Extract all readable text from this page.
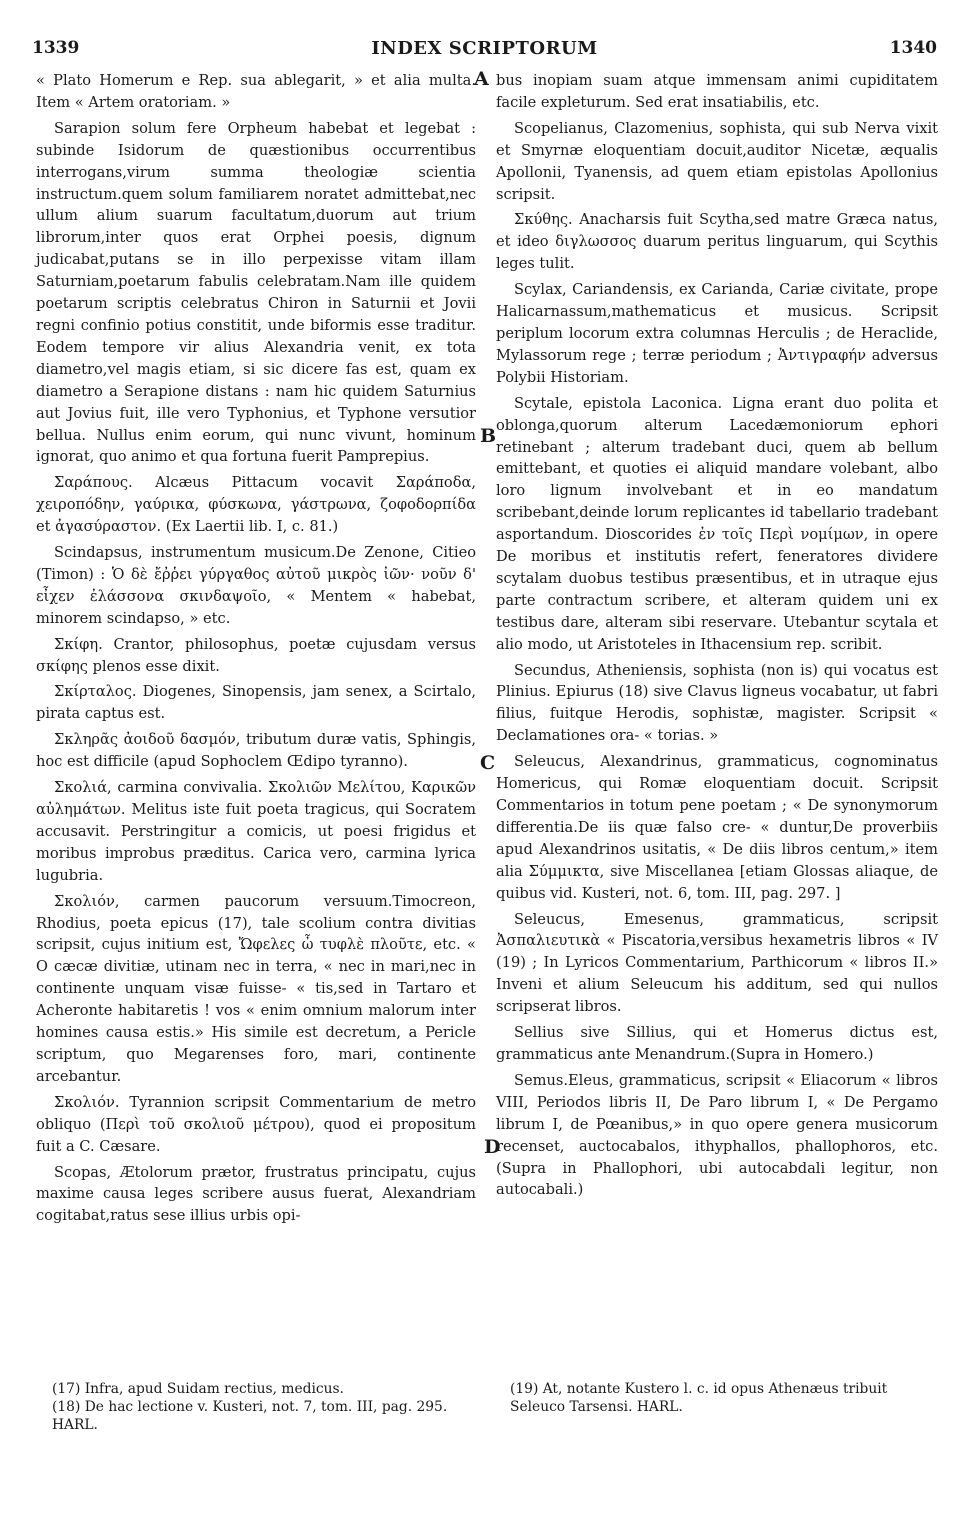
1339	INDEX SCRIPTORUM	1340
A
B
C
D

« Plato Homerum e Rep. sua ablegarit, » et alia multa. Item « Artem oratoriam. »

Sarapion solum fere Orpheum habebat et legebat : subinde Isidorum de quæstionibus occurrentibus interrogans,virum summa theologiæ scientia instructum.quem solum familiarem noratet admittebat,nec ullum alium suarum facultatum,duorum aut trium librorum,inter quos erat Orphei poesis, dignum judicabat,putans se in illo perpexisse vitam illam Saturniam,poetarum fabulis celebratam.Nam ille quidem poetarum scriptis celebratus Chiron in Saturnii et Jovii regni confinio potius constitit, unde biformis esse traditur. Eodem tempore vir alius Alexandria venit, ex tota diametro,vel magis etiam, si sic dicere fas est, quam ex diametro a Serapione distans : nam hic quidem Saturnius aut Jovius fuit, ille vero Typhonius, et Typhone versutior bellua. Nullus enim eorum, qui nunc vivunt, hominum ignorat, quo animo et qua fortuna fuerit Pamprepius.

Σαράπους. Alcæus Pittacum vocavit Σαράποδα, χειροπόδην, γαύρικα, φύσκωνα, γάστρωνα, ζοφοδορπίδα et ἀγασύραστον. (Ex Laertii lib. I, c. 81.)

Scindapsus, instrumentum musicum.De Zenone, Citieo (Timon) : Ὁ δὲ ἔῤῥει γύργαθος αὐτοῦ μικρὸς ἰῶν· νοῦν δ' εἶχεν ἐλάσσονα σκινδαψοῖο, « Mentem « habebat, minorem scindapso, » etc.

Σκίφη. Crantor, philosophus, poetæ cujusdam versus σκίφης plenos esse dixit.

Σκίρταλος. Diogenes, Sinopensis, jam senex, a Scirtalo, pirata captus est.

Σκληρᾶς ἀοιδοῦ δασμόν, tributum duræ vatis, Sphingis, hoc est difficile (apud Sophoclem Œdipo tyranno).

Σκολιά, carmina convivalia. Σκολιῶν Μελίτου, Καρικῶν αὐλημάτων. Melitus iste fuit poeta tragicus, qui Socratem accusavit. Perstringitur a comicis, ut poesi frigidus et moribus improbus præditus. Carica vero, carmina lyrica lugubria.

Σκολιόν, carmen paucorum versuum.Timocreon, Rhodius, poeta epicus (17), tale scolium contra divitias scripsit, cujus initium est, Ὤφελες ὦ τυφλὲ πλοῦτε, etc. « O cæcæ divitiæ, utinam nec in terra, « nec in mari,nec in continente unquam visæ fuisse- « tis,sed in Tartaro et Acheronte habitaretis ! vos « enim omnium malorum inter homines causa estis.» His simile est decretum, a Pericle scriptum, quo Megarenses foro, mari, continente arcebantur.

Σκολιόν. Tyrannion scripsit Commentarium de metro obliquo (Περὶ τοῦ σκολιοῦ μέτρου), quod ei propositum fuit a C. Cæsare.

Scopas, Ætolorum prætor, frustratus principatu, cujus maxime causa leges scribere ausus fuerat, Alexandriam cogitabat,ratus sese illius urbis opi-

bus inopiam suam atque immensam animi cupiditatem facile expleturum. Sed erat insatiabilis, etc.

Scopelianus, Clazomenius, sophista, qui sub Nerva vixit et Smyrnæ eloquentiam docuit,auditor Nicetæ, æqualis Apollonii, Tyanensis, ad quem etiam epistolas Apollonius scripsit.

Σκύθης. Anacharsis fuit Scytha,sed matre Græca natus, et ideo διγλωσσος duarum peritus linguarum, qui Scythis leges tulit.

Scylax, Cariandensis, ex Carianda, Cariæ civitate, prope Halicarnassum,mathematicus et musicus. Scripsit periplum locorum extra columnas Herculis ; de Heraclide, Mylassorum rege ; terræ periodum ; Ἀντιγραφήν adversus Polybii Historiam.

Scytale, epistola Laconica. Ligna erant duo polita et oblonga,quorum alterum Lacedæmoniorum ephori retinebant ; alterum tradebant duci, quem ab bellum emittebant, et quoties ei aliquid mandare volebant, albo loro lignum involvebant et in eo mandatum scribebant,deinde lorum replicantes id tabellario tradebant asportandum. Dioscorides ἐν τοῖς Περὶ νομίμων, in opere De moribus et institutis refert, feneratores dividere scytalam duobus testibus præsentibus, et in utraque ejus parte contractum scribere, et alteram quidem uni ex testibus dare, alteram sibi reservare. Utebantur scytala et alio modo, ut Aristoteles in Ithacensium rep. scribit.

Secundus, Atheniensis, sophista (non is) qui vocatus est Plinius. Epiurus (18) sive Clavus ligneus vocabatur, ut fabri filius, fuitque Herodis, sophistæ, magister. Scripsit « Declamationes ora- « torias. »

Seleucus, Alexandrinus, grammaticus, cognominatus Homericus, qui Romæ eloquentiam docuit. Scripsit Commentarios in totum pene poetam ; « De synonymorum differentia.De iis quæ falso cre- « duntur,De proverbiis apud Alexandrinos usitatis, « De diis libros centum,» item alia Σύμμικτα, sive Miscellanea [etiam Glossas aliaque, de quibus vid. Kusteri, not. 6, tom. III, pag. 297. ]

Seleucus, Emesenus, grammaticus, scripsit Ἀσπαλιευτικὰ « Piscatoria,versibus hexametris libros « IV (19) ; In Lyricos Commentarium, Parthicorum « libros II.» Inveni et alium Seleucum his additum, sed qui nullos scripserat libros.

Sellius sive Sillius, qui et Homerus dictus est, grammaticus ante Menandrum.(Supra in Homero.)

Semus.Eleus, grammaticus, scripsit « Eliacorum « libros VIII, Periodos libris II, De Paro librum I, « De Pergamo librum I, de Pœanibus,» in quo opere genera musicorum recenset, auctocabalos, ithyphallos, phallophoros, etc. (Supra in Phallophori, ubi autocabdali legitur, non autocabali.)

(17) Infra, apud Suidam rectius, medicus.

(18) De hac lectione v. Kusteri, not. 7, tom. III, pag. 295. HARL.

(19) At, notante Kustero l. c. id opus Athenæus tribuit Seleuco Tarsensi. HARL.
